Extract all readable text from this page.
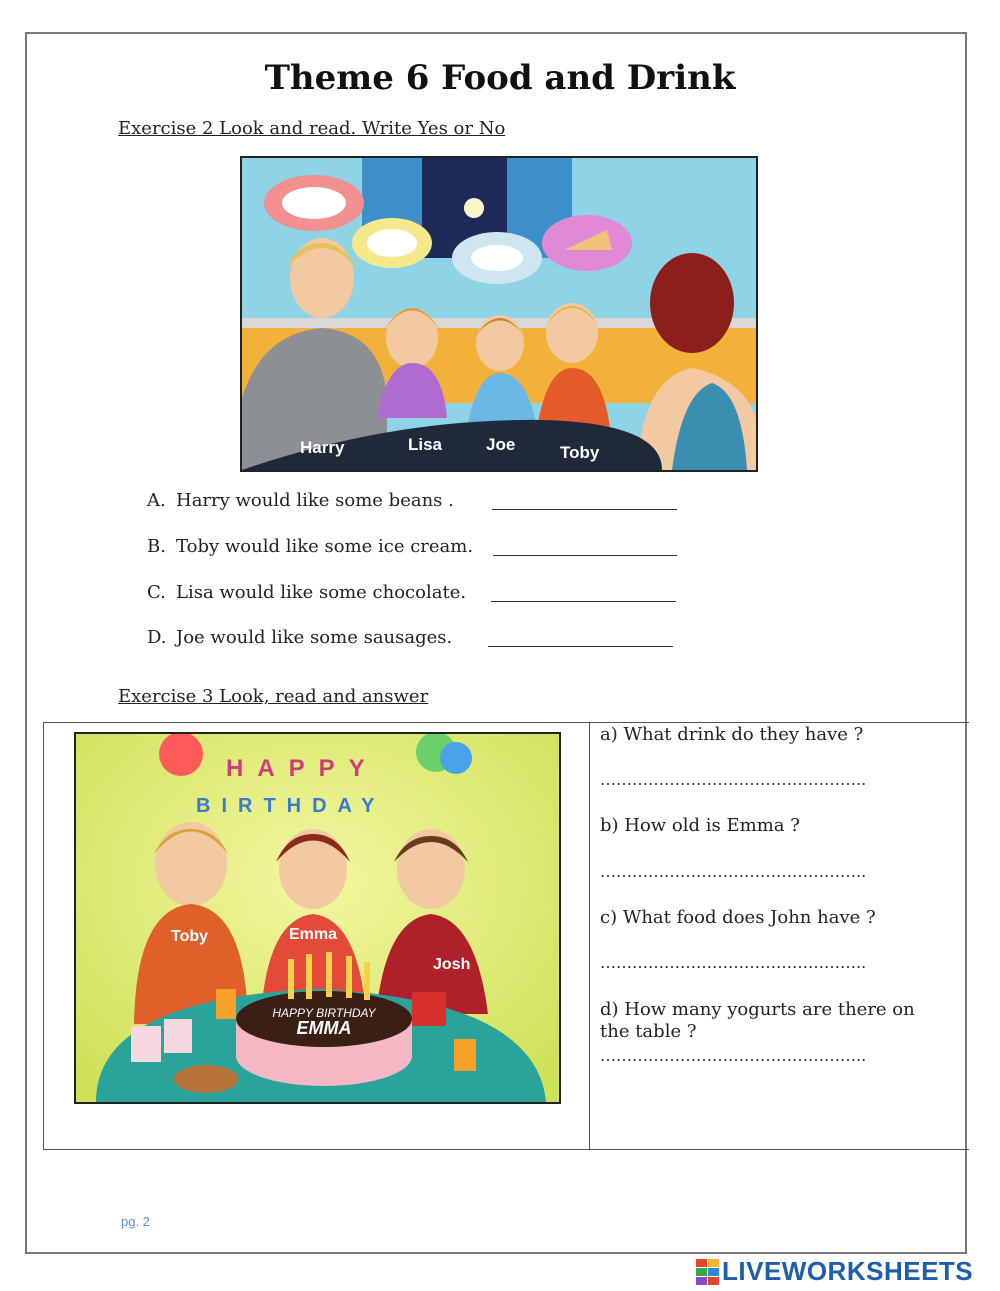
Theme 6 Food and Drink
Exercise 2 Look and read. Write Yes or No
Harry	Lisa	Joe	Toby
A. Harry would like some beans .
B. Toby would like some ice cream.
C. Lisa would like some chocolate.
D. Joe would like some sausages.
Exercise 3 Look, read and answer
HAPPY
BIRTHDAY
Toby	Emma
Josh
HAPPY BIRTHDAY
EMMA
a) What drink do they have ?
…………………………………………..
b) How old is Emma ?
…………………………………………..
c) What food does John have ?
…………………………………………..
d) How many yogurts are there on the table ?
…………………………………………..
pg. 2
LIVEWORKSHEETS
